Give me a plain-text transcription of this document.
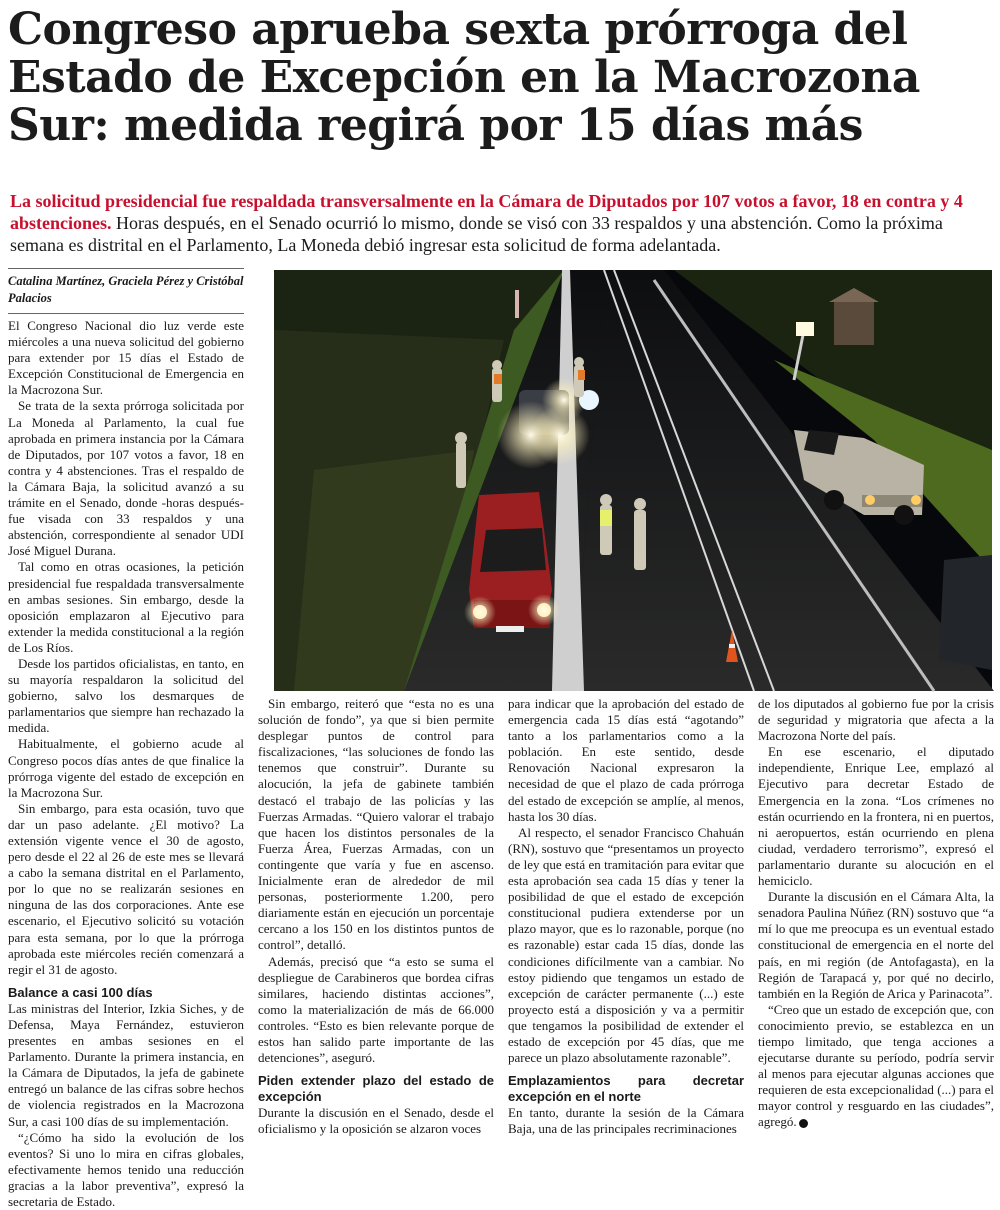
Congreso aprueba sexta prórroga del Estado de Excepción en la Macrozona Sur: medida regirá por 15 días más

La solicitud presidencial fue respaldada transversalmente en la Cámara de Diputados por 107 votos a favor, 18 en contra y 4 abstenciones. Horas después, en el Senado ocurrió lo mismo, donde se visó con 33 respaldos y una abstención. Como la próxima semana es distrital en el Parlamento, La Moneda debió ingresar esta solicitud de forma adelantada.

Catalina Martínez, Graciela Pérez y Cristóbal Palacios

El Congreso Nacional dio luz verde este miércoles a una nueva solicitud del gobierno para extender por 15 días el Estado de Excepción Constitucional de Emergencia en la Macrozona Sur.

Se trata de la sexta prórroga solicitada por La Moneda al Parlamento, la cual fue aprobada en primera instancia por la Cámara de Diputados, por 107 votos a favor, 18 en contra y 4 abstenciones. Tras el respaldo de la Cámara Baja, la solicitud avanzó a su trámite en el Senado, donde -horas después- fue visada con 33 respaldos y una abstención, correspondiente al senador UDI José Miguel Durana.

Tal como en otras ocasiones, la petición presidencial fue respaldada transversalmente en ambas sesiones. Sin embargo, desde la oposición emplazaron al Ejecutivo para extender la medida constitucional a la región de Los Ríos.

Desde los partidos oficialistas, en tanto, en su mayoría respaldaron la solicitud del gobierno, salvo los desmarques de parlamentarios que siempre han rechazado la medida.

Habitualmente, el gobierno acude al Congreso pocos días antes de que finalice la prórroga vigente del estado de excepción en la Macrozona Sur.

Sin embargo, para esta ocasión, tuvo que dar un paso adelante. ¿El motivo? La extensión vigente vence el 30 de agosto, pero desde el 22 al 26 de este mes se llevará a cabo la semana distrital en el Parlamento, por lo que no se realizarán sesiones en ninguna de las dos corporaciones. Ante ese escenario, el Ejecutivo solicitó su votación para esta semana, por lo que la prórroga aprobada este miércoles recién comenzará a regir el 31 de agosto.

Balance a casi 100 días

Las ministras del Interior, Izkia Siches, y de Defensa, Maya Fernández, estuvieron presentes en ambas sesiones en el Parlamento. Durante la primera instancia, en la Cámara de Diputados, la jefa de gabinete entregó un balance de las cifras sobre hechos de violencia registrados en la Macrozona Sur, a casi 100 días de su implementación.

“¿Cómo ha sido la evolución de los eventos? Si uno lo mira en cifras globales, efectivamente hemos tenido una reducción gracias a la labor preventiva”, expresó la secretaria de Estado.

Sin embargo, reiteró que “esta no es una solución de fondo”, ya que si bien permite desplegar puntos de control para fiscalizaciones, “las soluciones de fondo las tenemos que construir”. Durante su alocución, la jefa de gabinete también destacó el trabajo de las policías y las Fuerzas Armadas. “Quiero valorar el trabajo que hacen los distintos personales de la Fuerza Área, Fuerzas Armadas, con un contingente que varía y fue en ascenso. Inicialmente eran de alrededor de mil personas, posteriormente 1.200, pero diariamente están en ejecución un porcentaje cercano a los 150 en los distintos puntos de control”, detalló.

Además, precisó que “a esto se suma el despliegue de Carabineros que bordea cifras similares, haciendo distintas acciones”, como la materialización de más de 66.000 controles. “Esto es bien relevante porque de estos han salido parte importante de las detenciones”, aseguró.

Piden extender plazo del estado de excepción

Durante la discusión en el Senado, desde el oficialismo y la oposición se alzaron voces

para indicar que la aprobación del estado de emergencia cada 15 días está “agotando” tanto a los parlamentarios como a la población. En este sentido, desde Renovación Nacional expresaron la necesidad de que el plazo de cada prórroga del estado de excepción se amplíe, al menos, hasta los 30 días.

Al respecto, el senador Francisco Chahuán (RN), sostuvo que “presentamos un proyecto de ley que está en tramitación para evitar que esta aprobación sea cada 15 días y tener la posibilidad de que el estado de excepción constitucional pudiera extenderse por un plazo mayor, que es lo razonable, porque (no es razonable) estar cada 15 días, donde las condiciones difícilmente van a cambiar. No estoy pidiendo que tengamos un estado de excepción de carácter permanente (...) este proyecto está a disposición y va a permitir que tengamos la posibilidad de extender el estado de excepción por 45 días, que me parece un plazo absolutamente razonable”.

Emplazamientos para decretar excepción en el norte

En tanto, durante la sesión de la Cámara Baja, una de las principales recriminaciones

de los diputados al gobierno fue por la crisis de seguridad y migratoria que afecta a la Macrozona Norte del país.

En ese escenario, el diputado independiente, Enrique Lee, emplazó al Ejecutivo para decretar Estado de Emergencia en la zona. “Los crímenes no están ocurriendo en la frontera, ni en puertos, ni aeropuertos, están ocurriendo en plena ciudad, verdadero terrorismo”, expresó el parlamentario durante su alocución en el hemiciclo.

Durante la discusión en el Cámara Alta, la senadora Paulina Núñez (RN) sostuvo que “a mí lo que me preocupa es un eventual estado constitucional de emergencia en el norte del país, en mi región (de Antofagasta), en la Región de Tarapacá y, por qué no decirlo, también en la Región de Arica y Parinacota”.

“Creo que un estado de excepción que, con conocimiento previo, se establezca en un tiempo limitado, que tenga acciones a ejecutarse durante su período, podría servir al menos para ejecutar algunas acciones que requieren de esta excepcionalidad (...) para el mayor control y resguardo en las ciudades”, agregó.
